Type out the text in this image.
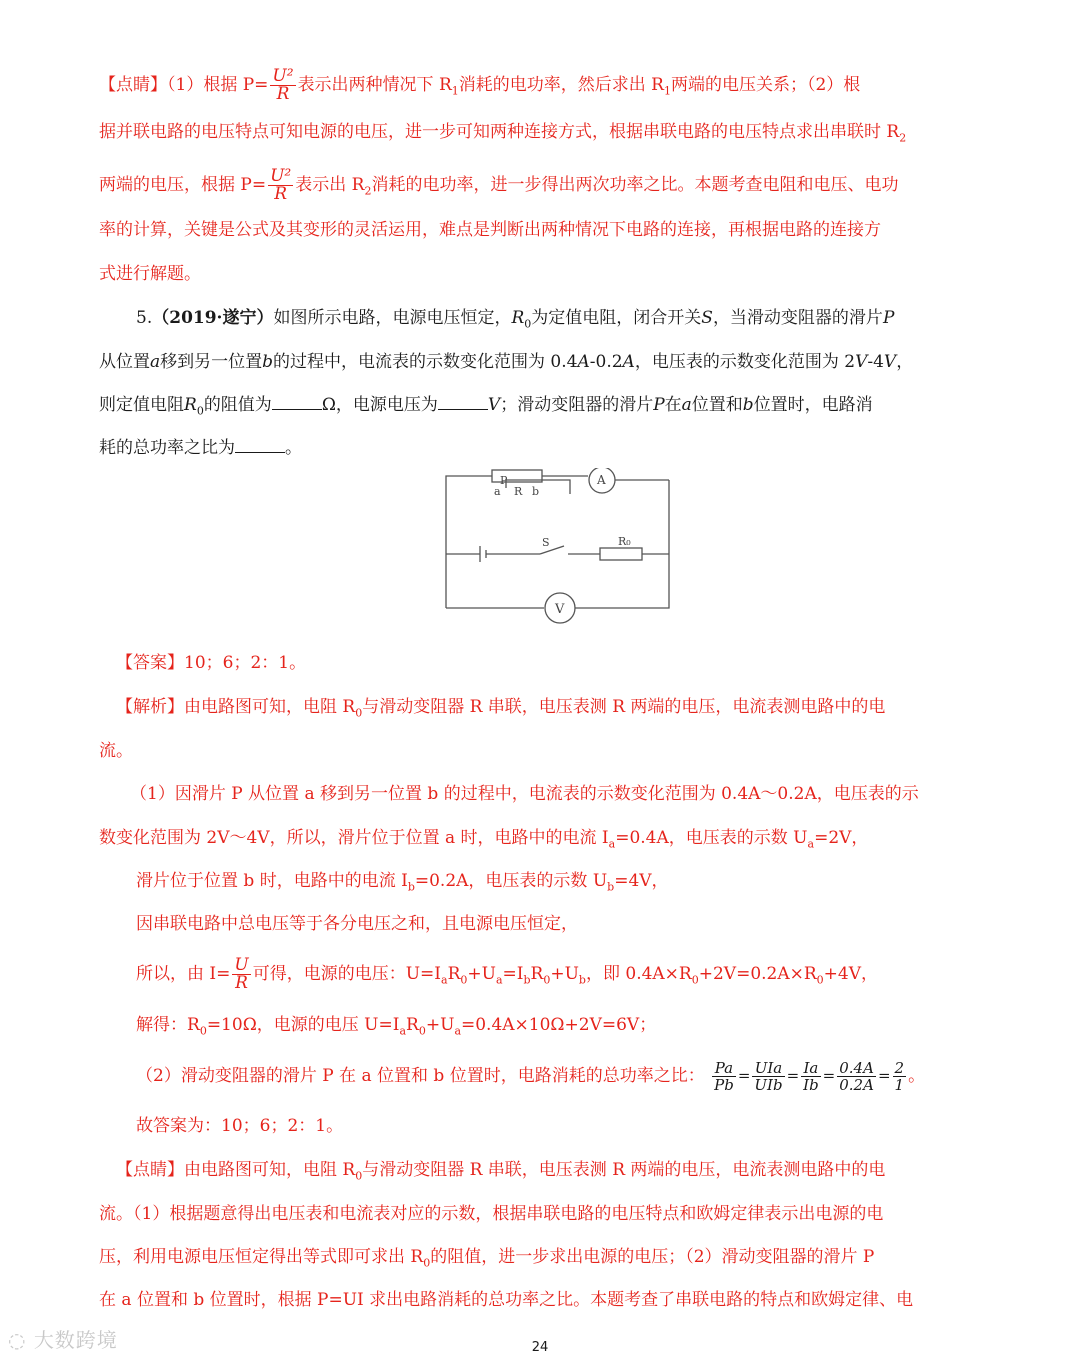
【点睛】（1）根据 $P= \frac{\text{U²}}{R}$ 表示出两种情况下 $R_1$消耗的电功率，然后求出 $R_1$两端的电压关系；（2）根
据并联电路的电压特点可知电源的电压，进一步可知两种连接方式，根据串联电路的电压特点求出串联时 $R_2$
两端的电压，根据 $P= \frac{\text{U²}}{R}$ 表示出 $R_2$消耗的电功率，进一步得出两次功率之比。本题考查电阻和电压、电功
率的计算，关键是公式及其变形的灵活运用，难点是判断出两种情况下电路的连接，再根据电路的连接方
式进行解题。
5.（2019·遂宁）如图所示电路，电源电压恒定，$R_0$为定值电阻，闭合开关S，当滑动变阻器的滑片P
从位置a移到另一位置b的过程中，电流表的示数变化范围为 0.4A-0.2A，电压表的示数变化范围为 2V-4V，
则定值电阻$R_0$的阻值为	Ω，电源电压为	V；滑动变阻器的滑片P在a位置和b位置时，电路消
耗的总功率之比为	。
P
a R b
A
S	R₀
V
【答案】10；6；2：1。
【解析】由电路图可知，电阻 $R_0$与滑动变阻器 R 串联，电压表测 R 两端的电压，电流表测电路中的电
流。
（1）因滑片 P 从位置 a 移到另一位置 b 的过程中，电流表的示数变化范围为 0.4A～0.2A，电压表的示
数变化范围为 2V～4V，所以，滑片位于位置 a 时，电路中的电流 $I_a=0.4A$，电压表的示数 $U_a=2V$，
滑片位于位置 b 时，电路中的电流 $I_b=0.2A$，电压表的示数 $U_b=4V$，
因串联电路中总电压等于各分电压之和，且电源电压恒定，
所以，由 $I= \frac{U}{R}$ 可得，电源的电压：$U=I_aR_0+U_a=I_bR_0+U_b$，即 $0.4A\times R_0+2V=0.2A\times R_0+4V$，
解得：$R_0=10\Omega$，电源的电压 $U=I_aR_0+U_a=0.4A\times 10\Omega+2V=6V$；
（2）滑动变阻器的滑片 P 在 a 位置和 b 位置时，电路消耗的总功率之比： $\frac{Pa}{Pb} = \frac{\text{UIa}}{\text{UIb}} = \frac{Ia}{Ib} = \frac{0.4A}{0.2A} = \frac{2}{1}$ 。
故答案为：10；6；2：1。
【点睛】由电路图可知，电阻 $R_0$与滑动变阻器 R 串联，电压表测 R 两端的电压，电流表测电路中的电
流。（1）根据题意得出电压表和电流表对应的示数，根据串联电路的电压特点和欧姆定律表示出电源的电
压，利用电源电压恒定得出等式即可求出 $R_0$的阻值，进一步求出电源的电压；（2）滑动变阻器的滑片 P
在 a 位置和 b 位置时，根据 P=UI 求出电路消耗的总功率之比。本题考查了串联电路的特点和欧姆定律、电
◌ 大数跨境	24
